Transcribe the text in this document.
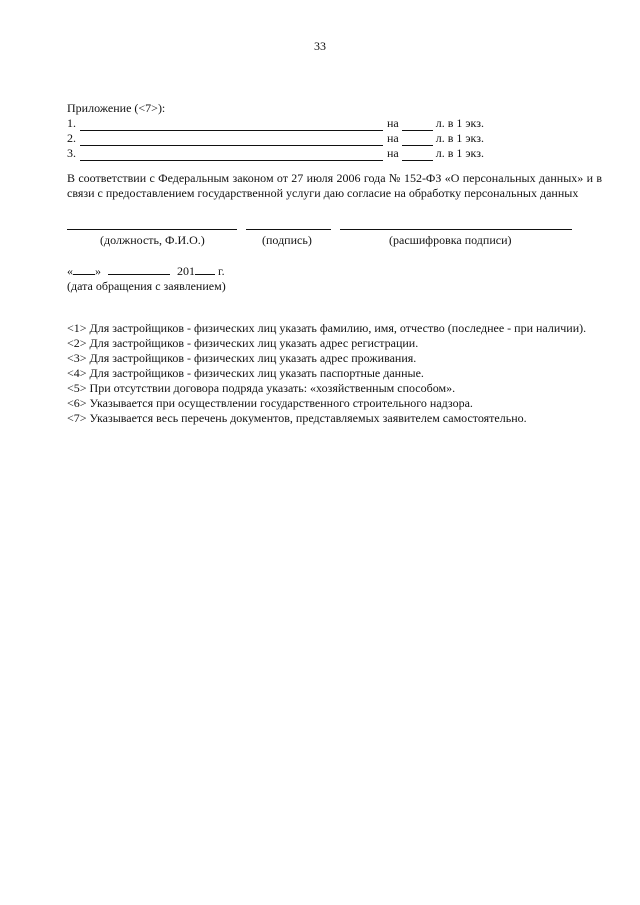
33
Приложение (<7>):
1.	на	л. в 1 экз.
2.	на	л. в 1 экз.
3.	на	л. в 1 экз.
В соответствии с Федеральным законом от 27 июля 2006 года № 152-ФЗ «О персональных данных» и в связи с предоставлением государственной услуги даю согласие на обработку персональных данных
(должность, Ф.И.О.)	(подпись)	(расшифровка подписи)
« »	201 г.
(дата обращения с заявлением)
<1> Для застройщиков - физических лиц указать фамилию, имя, отчество (последнее - при наличии).
<2> Для застройщиков - физических лиц указать адрес регистрации.
<3> Для застройщиков - физических лиц указать адрес проживания.
<4> Для застройщиков - физических лиц указать паспортные данные.
<5> При отсутствии договора подряда указать: «хозяйственным способом».
<6> Указывается при осуществлении государственного строительного надзора.
<7> Указывается весь перечень документов, представляемых заявителем самостоятельно.
